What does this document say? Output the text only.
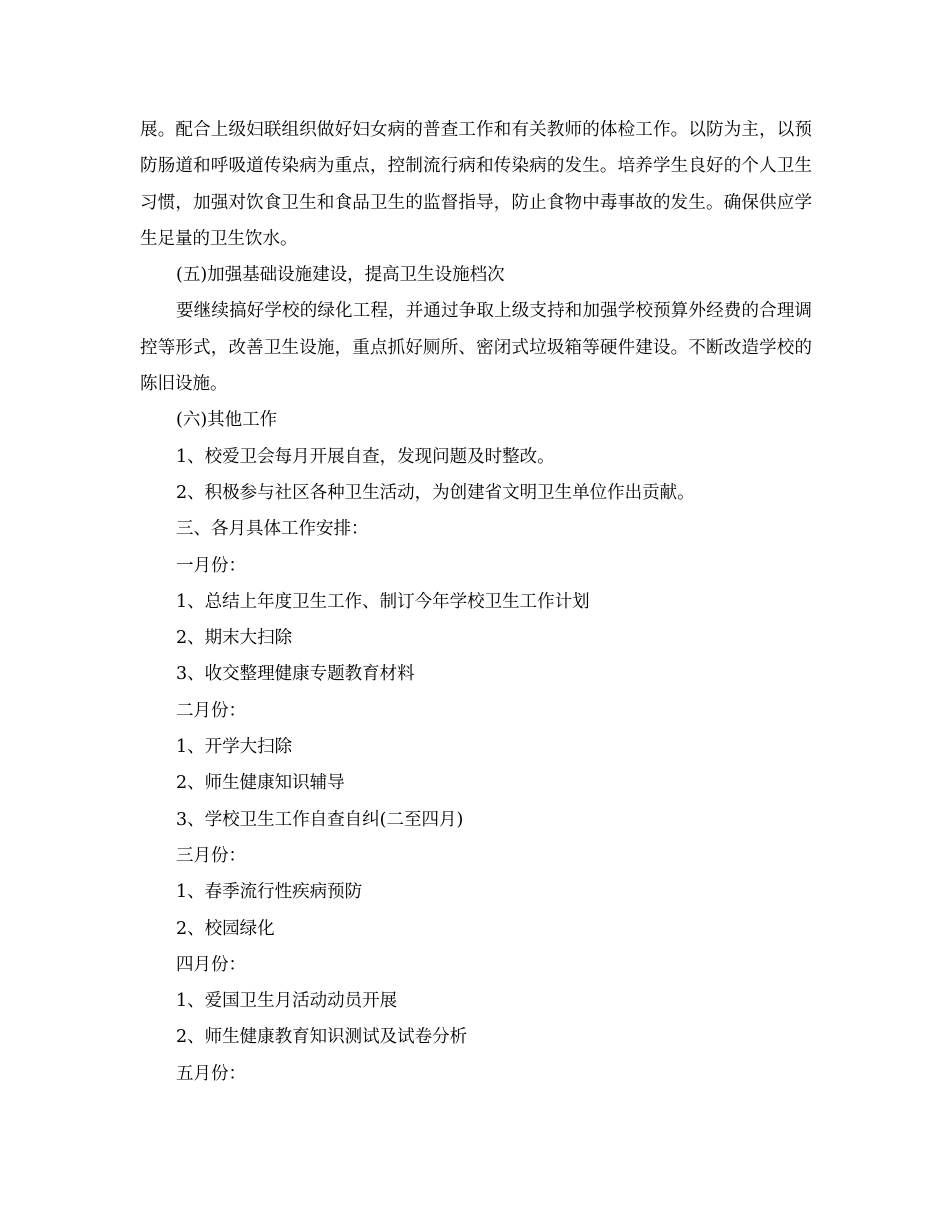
展。配合上级妇联组织做好妇女病的普查工作和有关教师的体检工作。以防为主，以预防肠道和呼吸道传染病为重点，控制流行病和传染病的发生。培养学生良好的个人卫生习惯，加强对饮食卫生和食品卫生的监督指导，防止食物中毒事故的发生。确保供应学生足量的卫生饮水。

(五)加强基础设施建设，提高卫生设施档次

要继续搞好学校的绿化工程，并通过争取上级支持和加强学校预算外经费的合理调控等形式，改善卫生设施，重点抓好厕所、密闭式垃圾箱等硬件建设。不断改造学校的陈旧设施。

(六)其他工作

1、校爱卫会每月开展自查，发现问题及时整改。

2、积极参与社区各种卫生活动，为创建省文明卫生单位作出贡献。

三、各月具体工作安排：

一月份：

1、总结上年度卫生工作、制订今年学校卫生工作计划

2、期末大扫除

3、收交整理健康专题教育材料

二月份：

1、开学大扫除

2、师生健康知识辅导

3、学校卫生工作自查自纠(二至四月)

三月份：

1、春季流行性疾病预防

2、校园绿化

四月份：

1、爱国卫生月活动动员开展

2、师生健康教育知识测试及试卷分析

五月份：
